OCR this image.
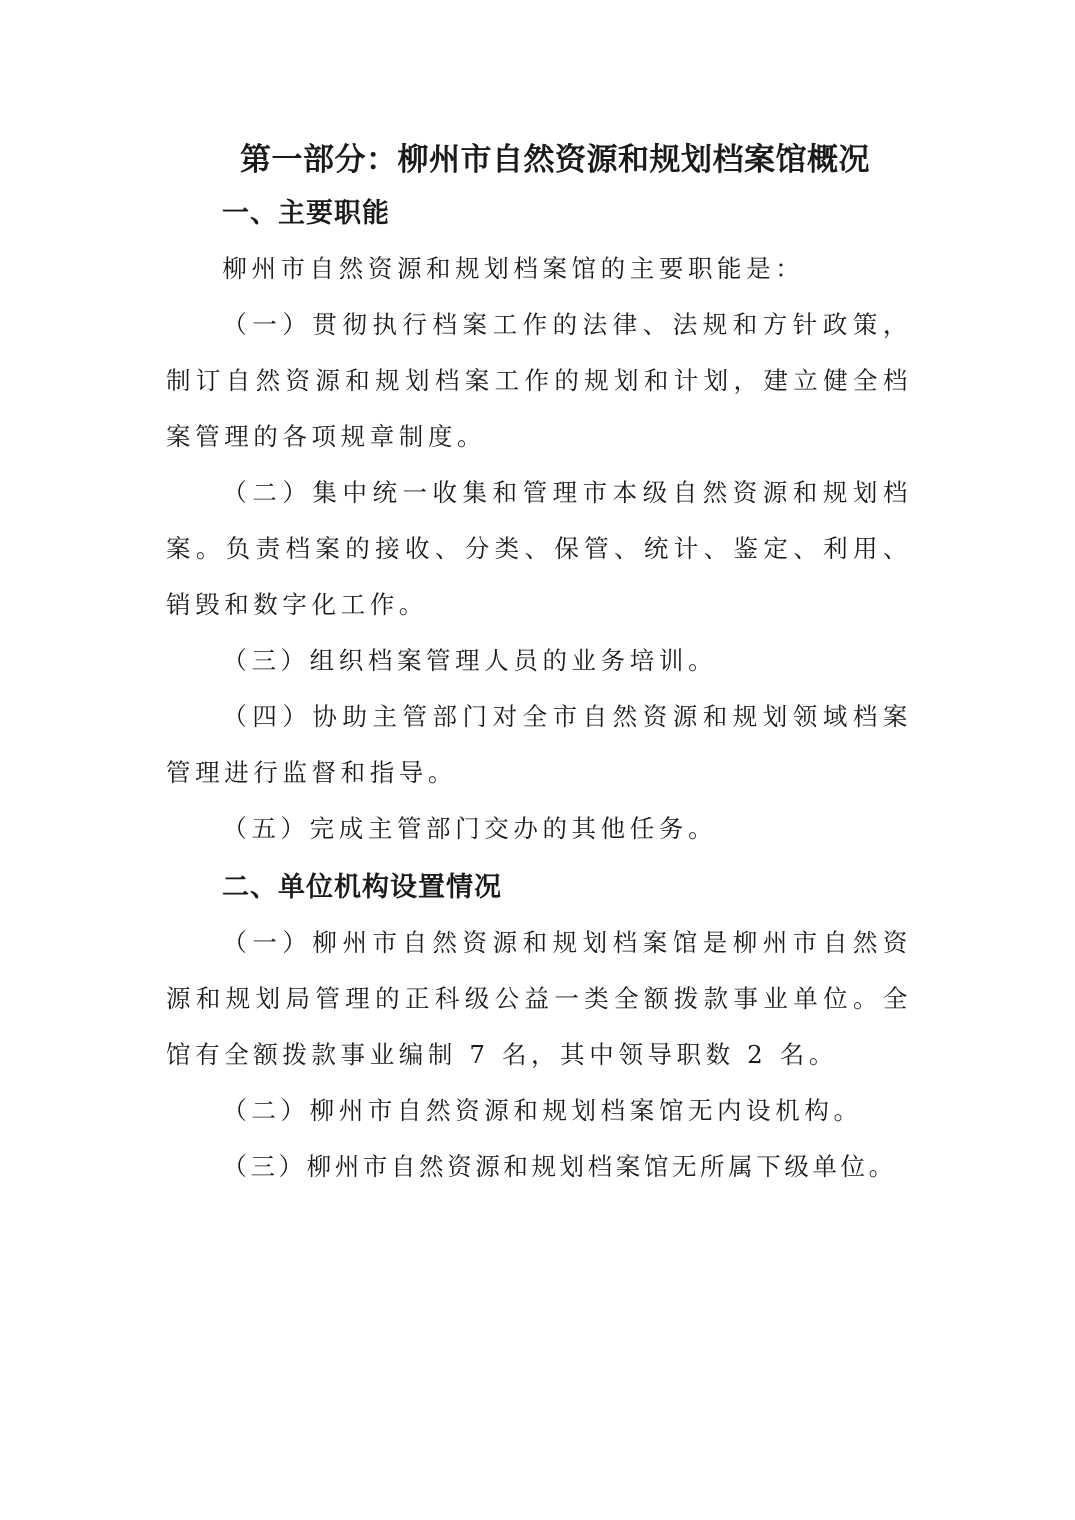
第一部分：柳州市自然资源和规划档案馆概况
一、主要职能
柳州市自然资源和规划档案馆的主要职能是：
（一）贯彻执行档案工作的法律、法规和方针政策，制订自然资源和规划档案工作的规划和计划，建立健全档案管理的各项规章制度。
（二）集中统一收集和管理市本级自然资源和规划档案。负责档案的接收、分类、保管、统计、鉴定、利用、销毁和数字化工作。
（三）组织档案管理人员的业务培训。
（四）协助主管部门对全市自然资源和规划领域档案管理进行监督和指导。
（五）完成主管部门交办的其他任务。
二、单位机构设置情况
（一）柳州市自然资源和规划档案馆是柳州市自然资源和规划局管理的正科级公益一类全额拨款事业单位。全馆有全额拨款事业编制 7 名，其中领导职数 2 名。
（二）柳州市自然资源和规划档案馆无内设机构。
（三）柳州市自然资源和规划档案馆无所属下级单位。
